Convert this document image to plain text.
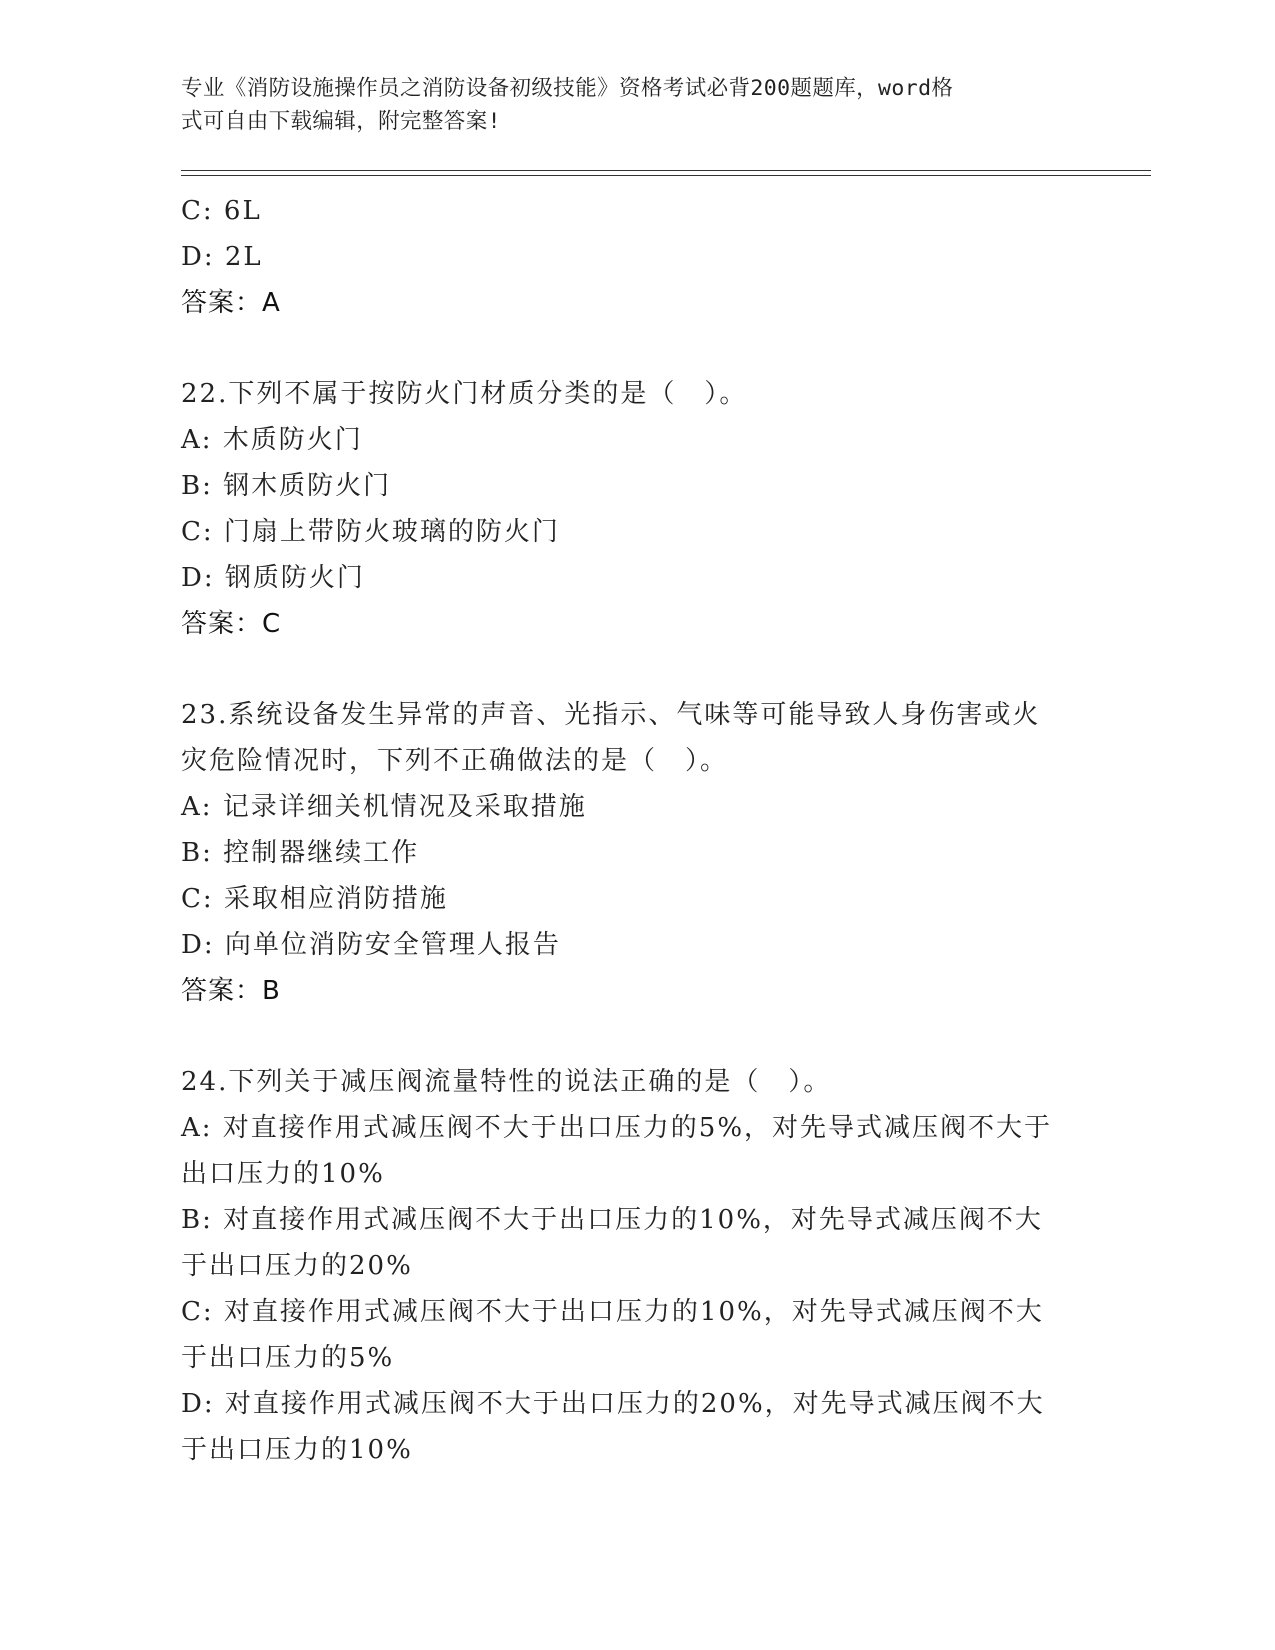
专业《消防设施操作员之消防设备初级技能》资格考试必背200题题库，word格
式可自由下载编辑，附完整答案!
C: 6L
D: 2L
答案：A
22.下列不属于按防火门材质分类的是（　）。
A: 木质防火门
B: 钢木质防火门
C: 门扇上带防火玻璃的防火门
D: 钢质防火门
答案：C
23.系统设备发生异常的声音、光指示、气味等可能导致人身伤害或火
灾危险情况时，下列不正确做法的是（　）。
A: 记录详细关机情况及采取措施
B: 控制器继续工作
C: 采取相应消防措施
D: 向单位消防安全管理人报告
答案：B
24.下列关于减压阀流量特性的说法正确的是（　）。
A: 对直接作用式减压阀不大于出口压力的5%，对先导式减压阀不大于
出口压力的10%
B: 对直接作用式减压阀不大于出口压力的10%，对先导式减压阀不大
于出口压力的20%
C: 对直接作用式减压阀不大于出口压力的10%，对先导式减压阀不大
于出口压力的5%
D: 对直接作用式减压阀不大于出口压力的20%，对先导式减压阀不大
于出口压力的10%
